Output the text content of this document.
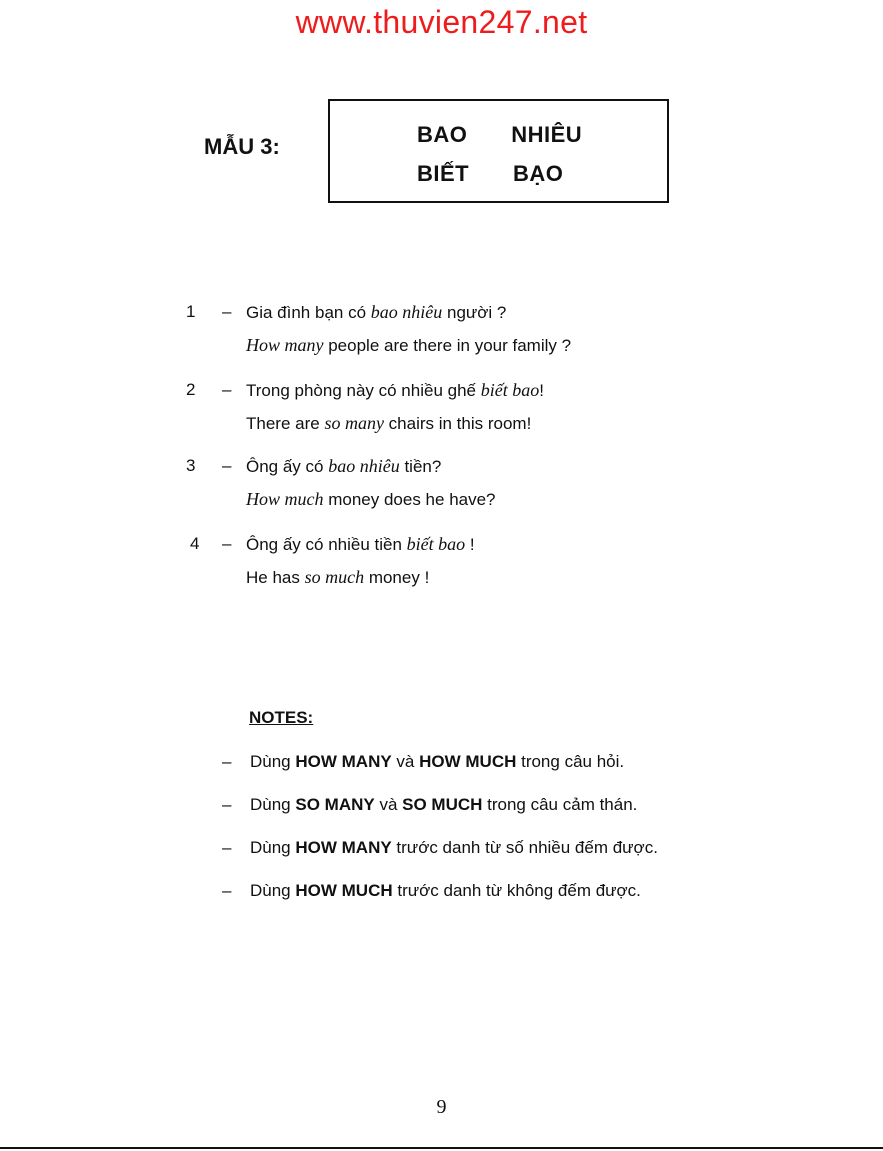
www.thuvien247.net
MẪU 3:	BAO   NHIÊU
BIẾT   BẠO
1 – Gia đình bạn có bao nhiêu người ?
How many people are there in your family ?
2 – Trong phòng này có nhiều ghế biết bao!
There are so many chairs in this room!
3 – Ông ấy có bao nhiêu tiền?
How much money does he have?
4 – Ông ấy có nhiều tiền biết bao !
He has so much money !
NOTES:
– Dùng HOW MANY và HOW MUCH trong câu hỏi.
– Dùng SO MANY và SO MUCH trong câu cảm thán.
– Dùng HOW MANY trước danh từ số nhiều đếm được.
– Dùng HOW MUCH trước danh từ không đếm được.
9
